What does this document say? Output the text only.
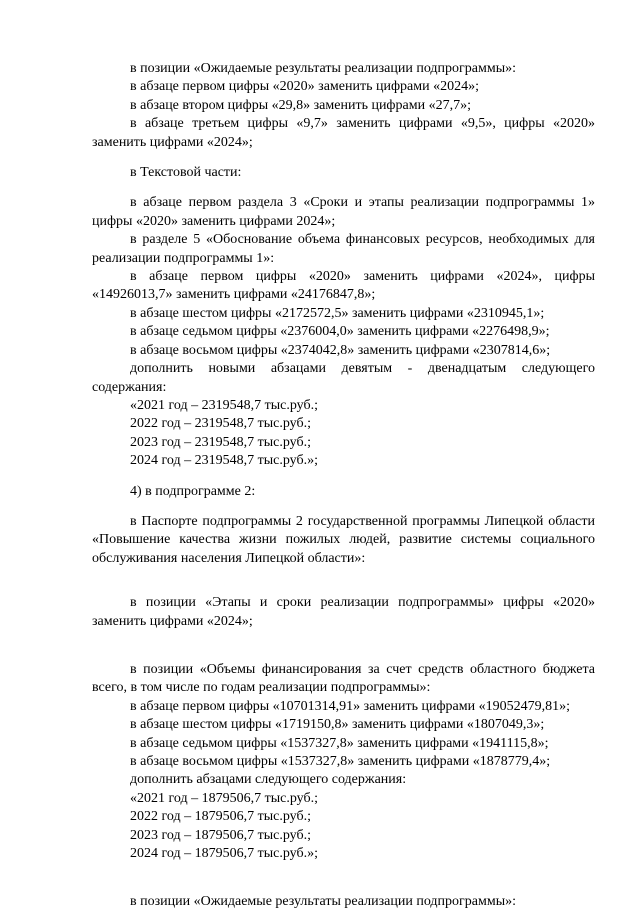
в позиции «Ожидаемые результаты реализации подпрограммы»:
в абзаце первом цифры «2020» заменить цифрами «2024»;
в абзаце втором цифры «29,8» заменить цифрами «27,7»;
в абзаце третьем цифры «9,7» заменить цифрами «9,5», цифры «2020» заменить цифрами «2024»;
в Текстовой части:
в абзаце первом раздела 3 «Сроки и этапы реализации подпрограммы 1» цифры «2020» заменить цифрами 2024»;
в разделе 5 «Обоснование объема финансовых ресурсов, необходимых для реализации подпрограммы 1»:
в абзаце первом цифры «2020» заменить цифрами «2024», цифры «14926013,7» заменить цифрами «24176847,8»;
в абзаце шестом цифры «2172572,5» заменить цифрами «2310945,1»;
в абзаце седьмом цифры «2376004,0» заменить цифрами «2276498,9»;
в абзаце восьмом цифры «2374042,8» заменить цифрами «2307814,6»;
дополнить новыми абзацами девятым - двенадцатым следующего содержания:
«2021 год – 2319548,7 тыс.руб.;
2022 год – 2319548,7 тыс.руб.;
2023 год – 2319548,7 тыс.руб.;
2024 год – 2319548,7 тыс.руб.»;
4) в подпрограмме 2:
в Паспорте подпрограммы 2 государственной программы Липецкой области «Повышение качества жизни пожилых людей, развитие системы социального обслуживания населения Липецкой области»:
в позиции «Этапы и сроки реализации подпрограммы» цифры «2020» заменить цифрами «2024»;
в позиции «Объемы финансирования за счет средств областного бюджета всего, в том числе по годам реализации подпрограммы»:
в абзаце первом цифры «10701314,91» заменить цифрами «19052479,81»;
в абзаце шестом цифры «1719150,8» заменить цифрами «1807049,3»;
в абзаце седьмом цифры «1537327,8» заменить цифрами «1941115,8»;
в абзаце восьмом цифры «1537327,8» заменить цифрами «1878779,4»;
дополнить абзацами следующего содержания:
«2021 год – 1879506,7 тыс.руб.;
2022 год – 1879506,7 тыс.руб.;
2023 год – 1879506,7 тыс.руб.;
2024 год – 1879506,7 тыс.руб.»;
в позиции «Ожидаемые результаты реализации подпрограммы»:
